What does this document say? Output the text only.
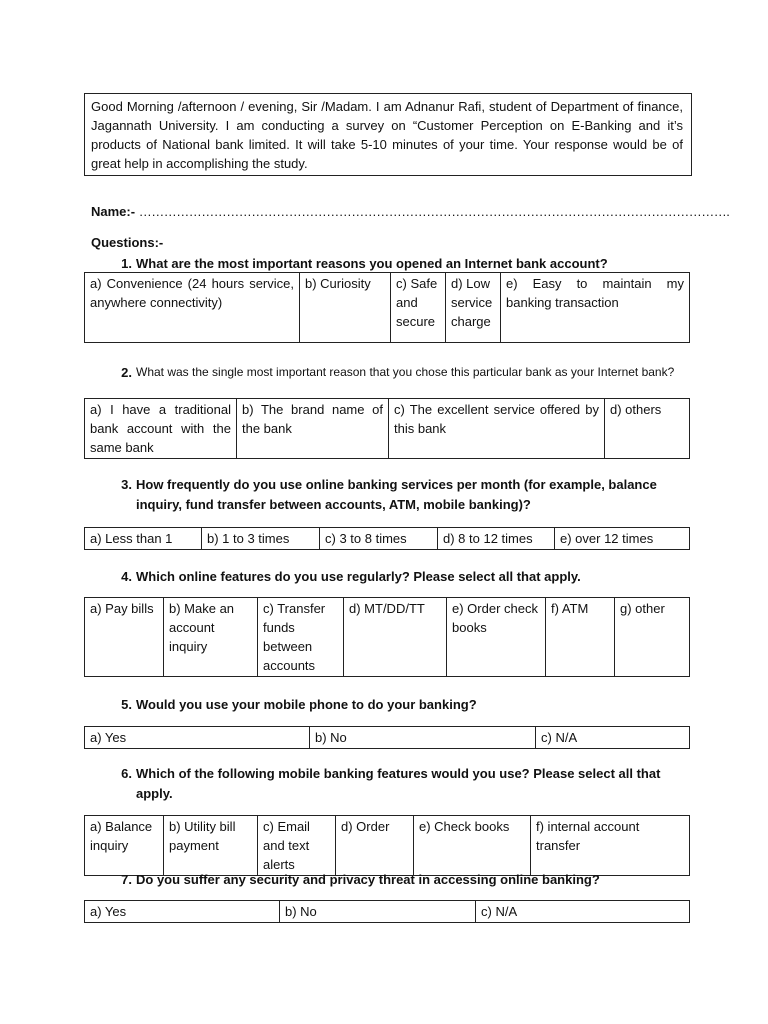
Good Morning /afternoon / evening, Sir /Madam. I am Adnanur Rafi, student of Department of finance, Jagannath University. I am conducting a survey on “Customer Perception on E-Banking and it’s products of National bank limited. It will take 5-10 minutes of your time. Your response would be of great help in accomplishing the study.
Name:- …………………………………………………………………………………………………………………………….
Questions:-
1. What are the most important reasons you opened an Internet bank account?
a) Convenience (24 hours service, anywhere connectivity)	b) Curiosity	c) Safe and secure	d) Low service charge	e) Easy to maintain my banking transaction
2. What was the single most important reason that you chose this particular bank as your Internet bank?
a) I have a traditional bank account with the same bank	b) The brand name of the bank	c) The excellent service offered by this bank	d) others
3. How frequently do you use online banking services per month (for example, balance inquiry, fund transfer between accounts, ATM, mobile banking)?
a) Less than 1	b) 1 to 3 times	c) 3 to 8 times	d) 8 to 12 times	e) over 12 times
4. Which online features do you use regularly? Please select all that apply.
a) Pay bills	b) Make an account inquiry	c) Transfer funds between accounts	d) MT/DD/TT	e) Order check books	f) ATM	g) other
5. Would you use your mobile phone to do your banking?
a) Yes	b) No	c) N/A
6. Which of the following mobile banking features would you use? Please select all that apply.
a) Balance inquiry	b) Utility bill payment	c) Email and text alerts	d) Order	e) Check books	f) internal account transfer
7. Do you suffer any security and privacy threat in accessing online banking?
a) Yes	b) No	c) N/A
